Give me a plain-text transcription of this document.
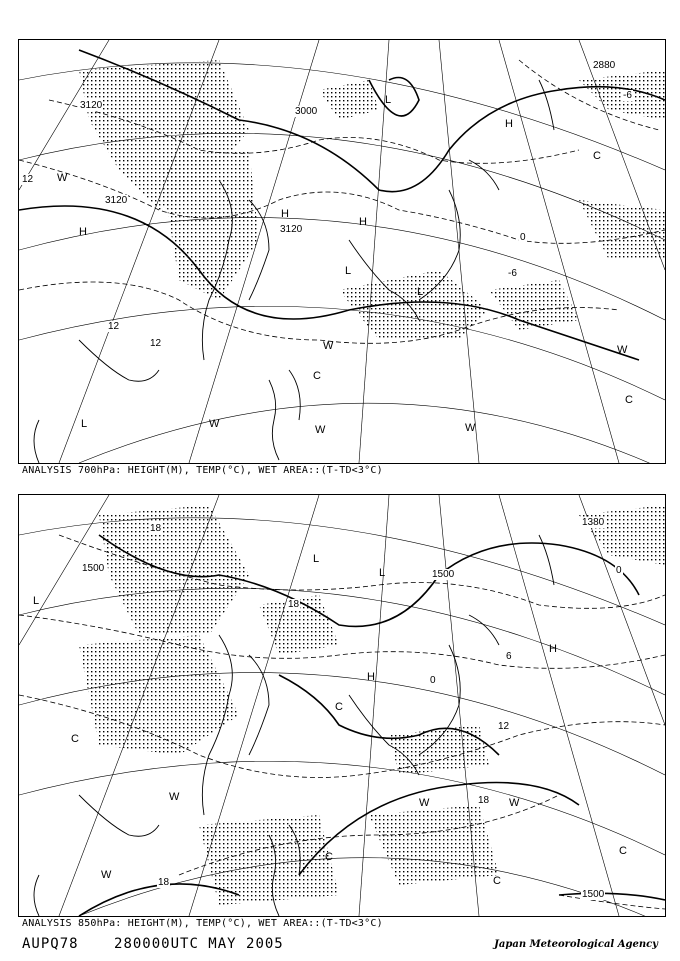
3120
3120
3120
3000
2880
12
12
12
-6
0
-6
H
H
H
H
L
L
L
L
W
W
W
W	W
W
C
C
C
ANALYSIS 700hPa: HEIGHT(M), TEMP(°C), WET AREA::(T-TD<3°C)
1500
1500
1500
1380
18
18
18
18
12
6
0
0
H
H
L
L
L
W	W	W
W
C
C
C
C
C
ANALYSIS 850hPa: HEIGHT(M), TEMP(°C), WET AREA::(T-TD<3°C)
AUPQ78	280000UTC MAY 2005	Japan Meteorological Agency
